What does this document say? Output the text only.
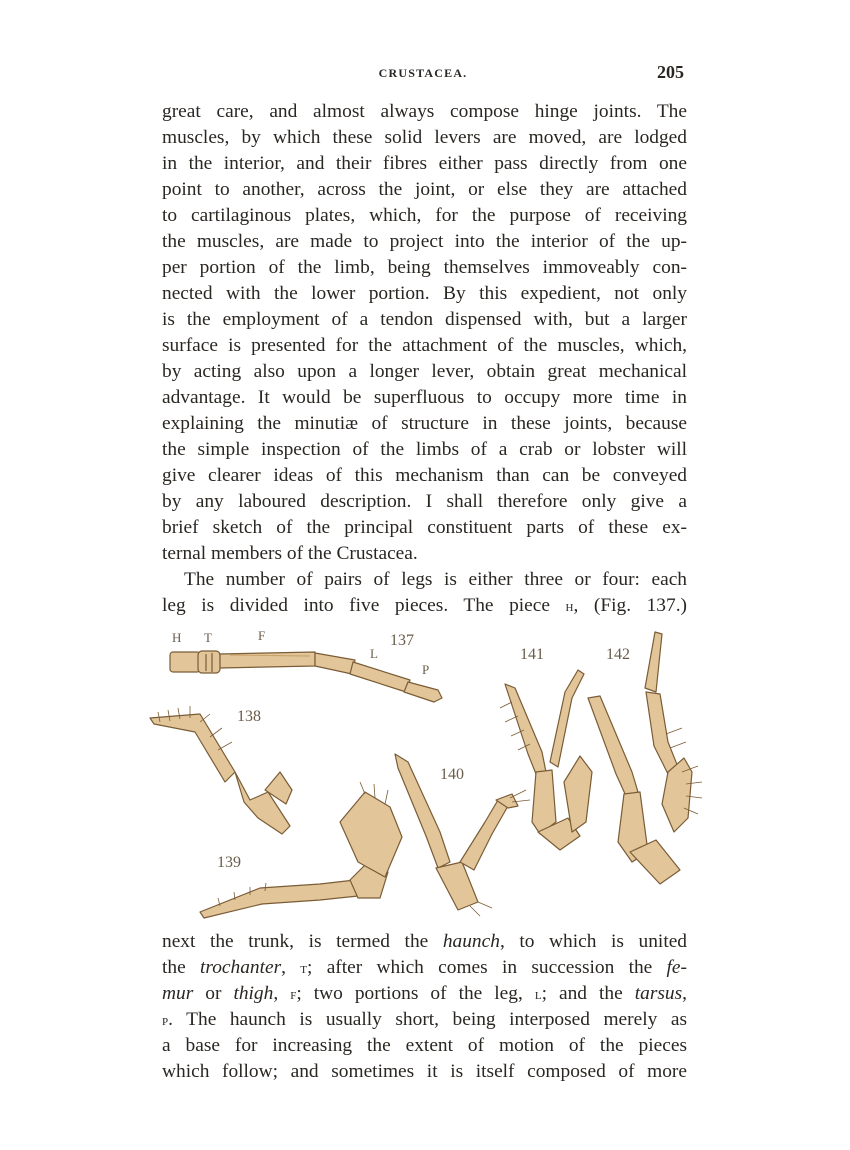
CRUSTACEA.	205
great care, and almost always compose hinge joints. The
muscles, by which these solid levers are moved, are lodged
in the interior, and their fibres either pass directly from one
point to another, across the joint, or else they are attached
to cartilaginous plates, which, for the purpose of receiving
the muscles, are made to project into the interior of the up-
per portion of the limb, being themselves immoveably con-
nected with the lower portion. By this expedient, not only
is the employment of a tendon dispensed with, but a larger
surface is presented for the attachment of the muscles, which,
by acting also upon a longer lever, obtain great mechanical
advantage. It would be superfluous to occupy more time in
explaining the minutiæ of structure in these joints, because
the simple inspection of the limbs of a crab or lobster will
give clearer ideas of this mechanism than can be conveyed
by any laboured description. I shall therefore only give a
brief sketch of the principal constituent parts of these ex-
ternal members of the Crustacea.
The number of pairs of legs is either three or four: each
leg is divided into five pieces. The piece h, (Fig. 137.)
H T	F
L
P
137
138
139
140
141	142
next the trunk, is termed the haunch, to which is united
the trochanter, t; after which comes in succession the fe-
mur or thigh, f; two portions of the leg, l; and the tarsus,
p. The haunch is usually short, being interposed merely as
a base for increasing the extent of motion of the pieces
which follow; and sometimes it is itself composed of more
